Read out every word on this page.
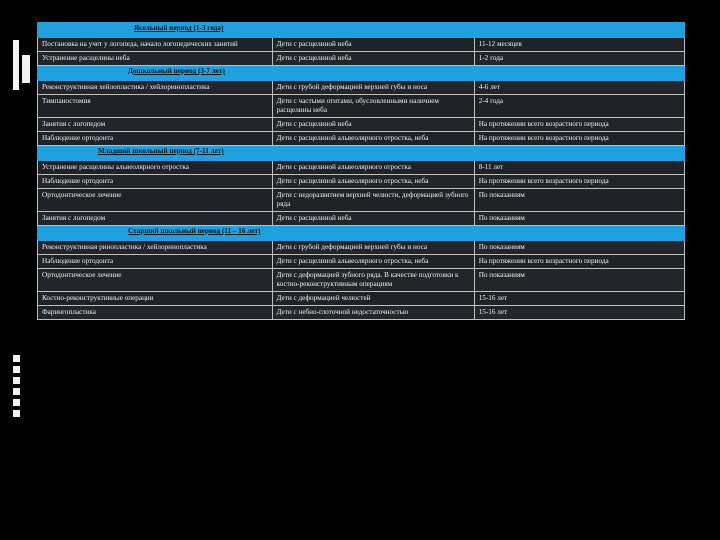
Ясельный период (1-3 года)		
Постановка на учет у логопеда, начало логопедических занятий	Дети с расщелиной неба	11-12 месяцев
Устранение расщелины неба	Дети с расщелиной неба	1-2 года
Дошкольный период (3-7 лет)		
Реконструктивная хейлопластика / хейлоринопластика	Дети с грубой деформацией верхней губы и носа	4-6 лет
Тимпаностомия	Дети с частыми отитами, обусловленными наличием расщелины неба	2-4 года
Занятия с логопедом	Дети с расщелиной неба	На протяжении всего возрастного периода
Наблюдение ортодонта	Дети с расщелиной альвеолярного отростка, неба	На протяжении всего возрастного периода
Младший школьный период (7-11 лет)		
Устранение расщелины альвеолярного отростка	Дети с расщелиной альвеолярного отростка	8-11 лет
Наблюдение ортодонта	Дети с расщелиной альвеолярного отростка, неба	На протяжении всего возрастного периода
Ортодонтическое лечение	Дети с недоразвитием верхней челюсти, деформацией зубного ряда	По показаниям
Занятия с логопедом	Дети с расщелиной неба	По показаниям
Старший школьный период (11 – 16 лет)		
Реконструктивная ринопластика / хейлоринопластика	Дети с грубой деформацией верхней губы и носа	По показаниям
Наблюдение ортодонта	Дети с расщелиной альвеолярного отростка, неба	На протяжении всего возрастного периода
Ортодонтическое лечение	Дети с деформацией зубного ряда. В качестве подготовки к костно-реконструктивным операциям	По показаниям
Костно-реконструктивные операции	Дети с деформацией челюстей	15-16 лет
Фарингопластика	Дети с небно-глоточной недостаточностью	15-16 лет
